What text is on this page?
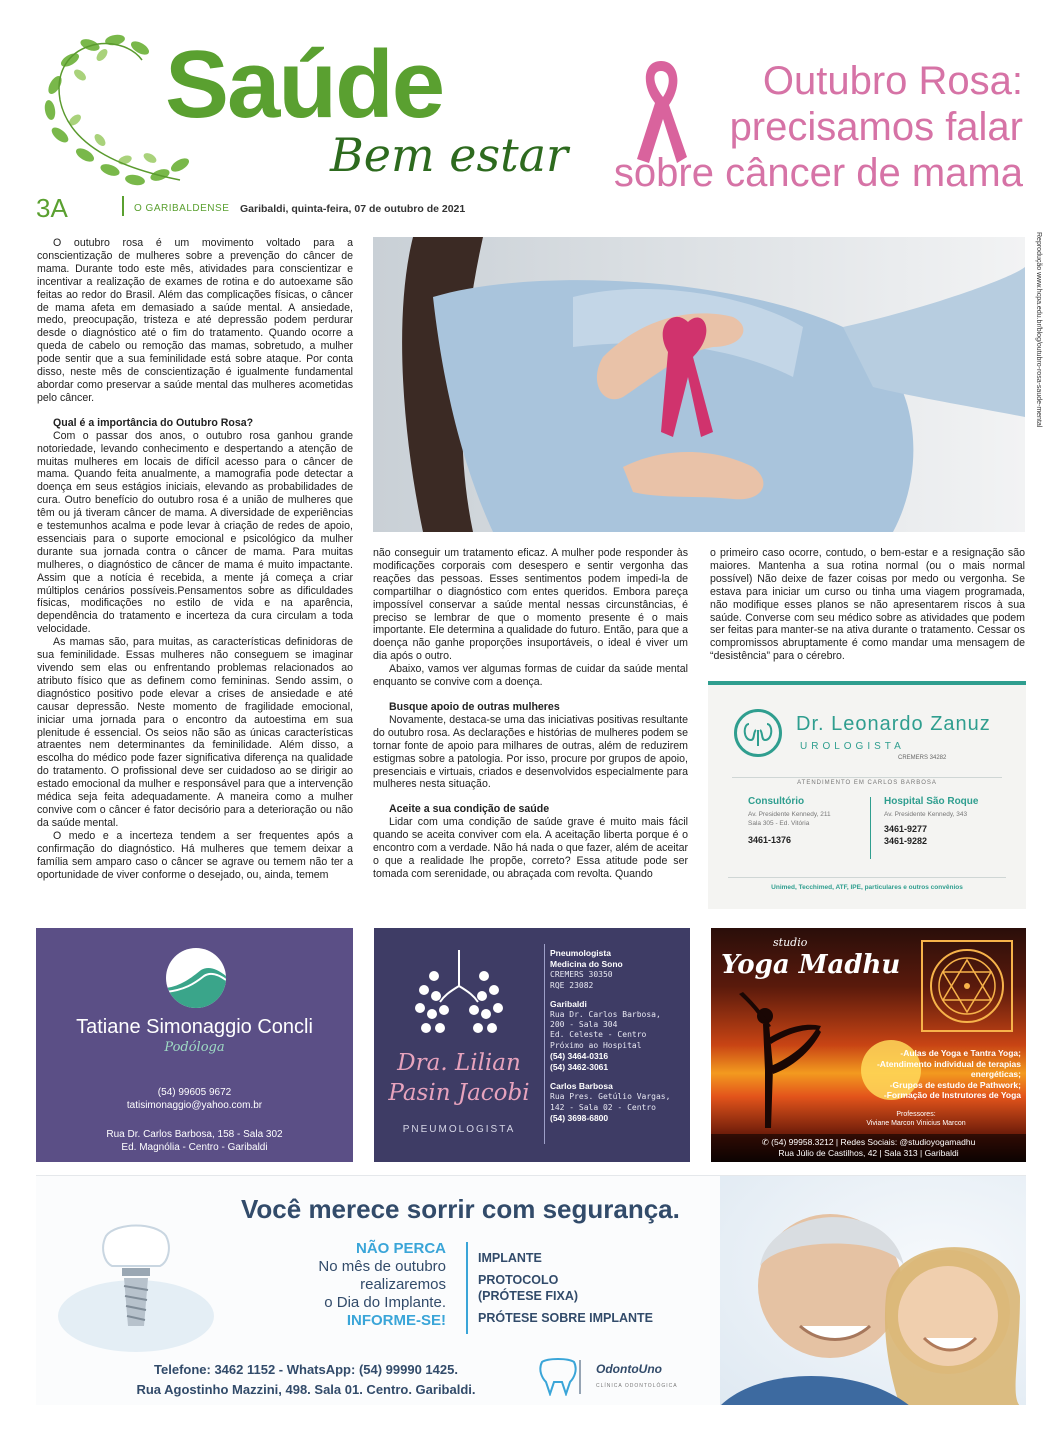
Saúde
Bem estar
Outubro Rosa:
precisamos falar
sobre câncer de mama
3A	O GARIBALDENSE Garibaldi, quinta-feira, 07 de outubro de 2021

O outubro rosa é um movimento voltado para a conscientização de mulheres sobre a prevenção do câncer de mama. Durante todo este mês, atividades para conscientizar e incentivar a realização de exames de rotina e do autoexame são feitas ao redor do Brasil. Além das complicações físicas, o câncer de mama afeta em demasiado a saúde mental. A ansiedade, medo, preocupação, tristeza e até depressão podem perdurar desde o diagnóstico até o fim do tratamento. Quando ocorre a queda de cabelo ou remoção das mamas, sobretudo, a mulher pode sentir que a sua feminilidade está sobre ataque. Por conta disso, neste mês de conscientização é igualmente fundamental abordar como preservar a saúde mental das mulheres acometidas pelo câncer.

Qual é a importância do Outubro Rosa?

Com o passar dos anos, o outubro rosa ganhou grande notoriedade, levando conhecimento e despertando a atenção de muitas mulheres em locais de difícil acesso para o câncer de mama. Quando feita anualmente, a mamografia pode detectar a doença em seus estágios iniciais, elevando as probabilidades de cura. Outro benefício do outubro rosa é a união de mulheres que têm ou já tiveram câncer de mama. A diversidade de experiências e testemunhos acalma e pode levar à criação de redes de apoio, essenciais para o suporte emocional e psicológico da mulher durante sua jornada contra o câncer de mama. Para muitas mulheres, o diagnóstico de câncer de mama é muito impactante. Assim que a notícia é recebida, a mente já começa a criar múltiplos cenários possíveis.Pensamentos sobre as dificuldades físicas, modificações no estilo de vida e na aparência, dependência do tratamento e incerteza da cura circulam a toda velocidade.

As mamas são, para muitas, as características definidoras de sua feminilidade. Essas mulheres não conseguem se imaginar vivendo sem elas ou enfrentando problemas relacionados ao atributo físico que as definem como femininas. Sendo assim, o diagnóstico positivo pode elevar a crises de ansiedade e até causar depressão. Neste momento de fragilidade emocional, iniciar uma jornada para o encontro da autoestima em sua plenitude é essencial. Os seios não são as únicas características atraentes nem determinantes da feminilidade. Além disso, a escolha do médico pode fazer significativa diferença na qualidade do tratamento. O profissional deve ser cuidadoso ao se dirigir ao estado emocional da mulher e responsável para que a intervenção médica seja feita adequadamente. A maneira como a mulher convive com o câncer é fator decisório para a deterioração ou não da saúde mental.

O medo e a incerteza tendem a ser frequentes após a confirmação do diagnóstico. Há mulheres que temem deixar a família sem amparo caso o câncer se agrave ou temem não ter a oportunidade de viver conforme o desejado, ou, ainda, temem

Reprodução www.hcpa.edu.br/blog/outubro-rosa-saude-mental

não conseguir um tratamento eficaz. A mulher pode responder às modificações corporais com desespero e sentir vergonha das reações das pessoas. Esses sentimentos podem impedi-la de compartilhar o diagnóstico com entes queridos. Embora pareça impossível conservar a saúde mental nessas circunstâncias, é preciso se lembrar de que o momento presente é o mais importante. Ele determina a qualidade do futuro. Então, para que a doença não ganhe proporções insuportáveis, o ideal é viver um dia após o outro.

Abaixo, vamos ver algumas formas de cuidar da saúde mental enquanto se convive com a doença.

Busque apoio de outras mulheres

Novamente, destaca-se uma das iniciativas positivas resultante do outubro rosa. As declarações e histórias de mulheres podem se tornar fonte de apoio para milhares de outras, além de reduzirem estigmas sobre a patologia. Por isso, procure por grupos de apoio, presenciais e virtuais, criados e desenvolvidos especialmente para mulheres nesta situação.

Aceite a sua condição de saúde

Lidar com uma condição de saúde grave é muito mais fácil quando se aceita conviver com ela. A aceitação liberta porque é o encontro com a verdade. Não há nada o que fazer, além de aceitar o que a realidade lhe propõe, correto? Essa atitude pode ser tomada com serenidade, ou abraçada com revolta. Quando

o primeiro caso ocorre, contudo, o bem-estar e a resignação são maiores. Mantenha a sua rotina normal (ou o mais normal possível) Não deixe de fazer coisas por medo ou vergonha. Se estava para iniciar um curso ou tinha uma viagem programada, não modifique esses planos se não apresentarem riscos à sua saúde. Converse com seu médico sobre as atividades que podem ser feitas para manter-se na ativa durante o tratamento. Cessar os compromissos abruptamente é como mandar uma mensagem de “desistência” para o cérebro.

Dr. Leonardo Zanuz
UROLOGISTA
CREMERS 34282
ATENDIMENTO EM CARLOS BARBOSA
Consultório
Av. Presidente Kennedy, 211
Sala 305 - Ed. Vitória
3461-1376
Hospital São Roque
Av. Presidente Kennedy, 343
3461-9277
3461-9282
Unimed, Tecchimed, ATF, IPE, particulares e outros convênios
Tatiane Simonaggio Concli
Podóloga
(54) 99605 9672
tatisimonaggio@yahoo.com.br
Rua Dr. Carlos Barbosa, 158 - Sala 302
Ed. Magnólia - Centro - Garibaldi
Dra. Lilian
Pasin Jacobi
PNEUMOLOGISTA
Pneumologista
Medicina do Sono
CREMERS 30350
RQE 23082
Garibaldi
Rua Dr. Carlos Barbosa,
200 - Sala 304
Ed. Celeste - Centro
Próximo ao Hospital
(54) 3464-0316
(54) 3462-3061
Carlos Barbosa
Rua Pres. Getúlio Vargas,
142 - Sala 02 - Centro
(54) 3698-6800
studio
Yoga Madhu
-Aulas de Yoga e Tantra Yoga;
-Atendimento individual de terapias
energéticas;
-Grupos de estudo de Pathwork;
-Formação de Instrutores de Yoga
Professores:
Viviane Marcon Vinicius Marcon
✆ (54) 99958.3212 | Redes Sociais: @studioyogamadhu
Rua Júlio de Castilhos, 42 | Sala 313 | Garibaldi
Você merece sorrir com segurança.
NÃO PERCA
No mês de outubro
realizaremos
o Dia do Implante.
INFORME-SE!
IMPLANTE
PROTOCOLO
(PRÓTESE FIXA)
PRÓTESE SOBRE IMPLANTE
Telefone: 3462 1152 - WhatsApp: (54) 99990 1425.
Rua Agostinho Mazzini, 498. Sala 01. Centro. Garibaldi.
OdontoUno
CLÍNICA ODONTOLÓGICA
